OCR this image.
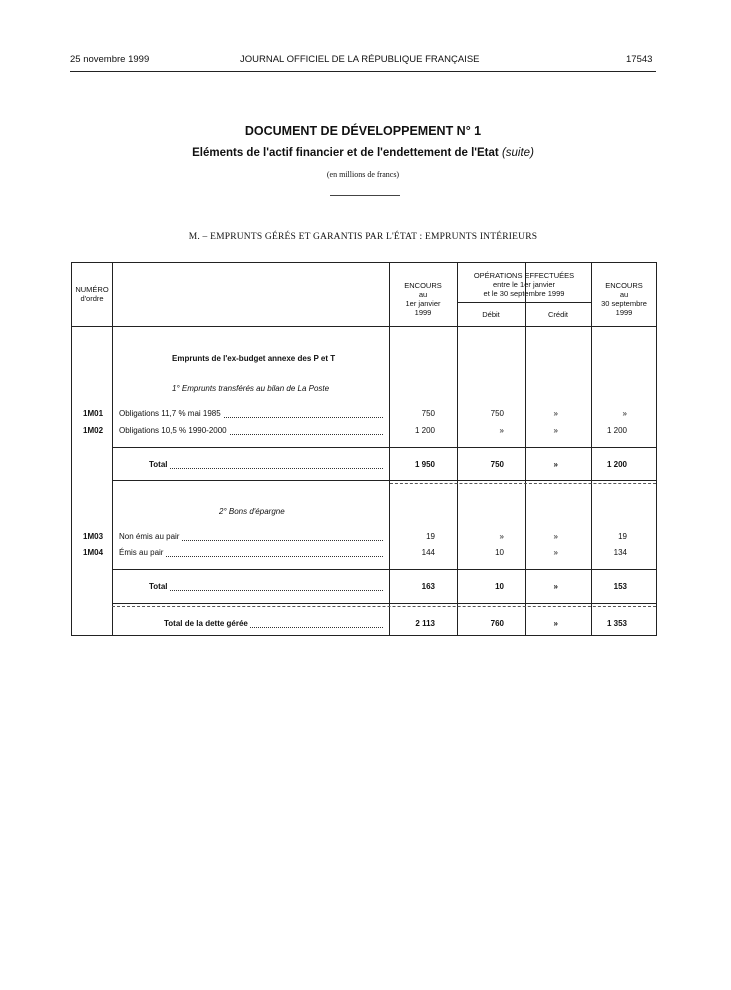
25 novembre 1999	JOURNAL OFFICIEL DE LA RÉPUBLIQUE FRANÇAISE	17543
DOCUMENT DE DÉVELOPPEMENT N° 1
Eléments de l'actif financier et de l'endettement de l'Etat (suite)
(en millions de francs)
M. – EMPRUNTS GÉRÉS ET GARANTIS PAR L'ÉTAT : EMPRUNTS INTÉRIEURS
NUMÉRO
d'ordre
ENCOURS
au
1er janvier
1999
OPÉRATIONS EFFECTUÉES
entre le 1er janvier
et le 30 septembre 1999
Débit	Crédit
ENCOURS
au
30 septembre
1999
Emprunts de l'ex-budget annexe des P et T
1° Emprunts transférés au bilan de La Poste
1M01 Obligations 11,7 % mai 1985	750	750	»	»
1M02 Obligations 10,5 % 1990-2000	1 200	»	»	1 200
Total	1 950	750	»	1 200
2° Bons d'épargne
1M03 Non émis au pair	19	»	»	19
1M04 Émis au pair	144	10	»	134
Total	163	10	»	153
Total de la dette gérée	2 113	760	»	1 353
